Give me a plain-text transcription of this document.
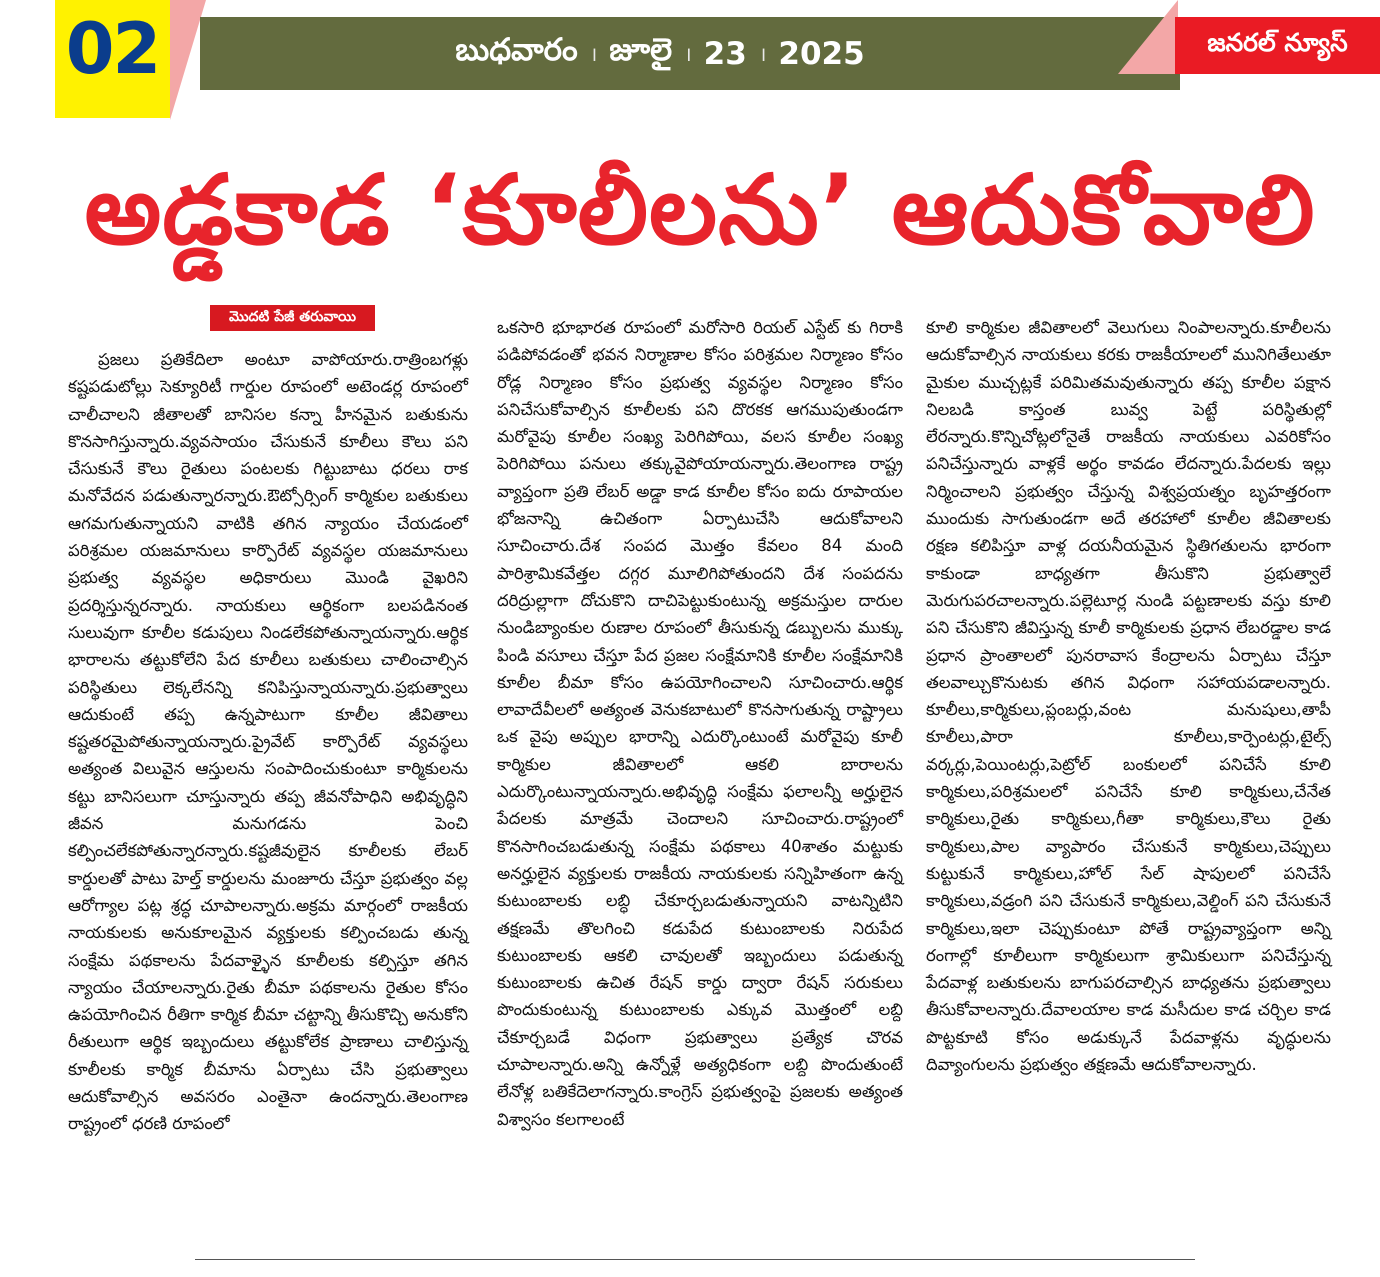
02	బుధవారం । జూలై । 23 । 2025	జనరల్ న్యూస్
అడ్డకాడ ‘కూలీలను’ ఆదుకోవాలి
మొదటి పేజీ తరువాయి

ప్రజలు ప్రతికేదిలా అంటూ వాపోయారు.రాత్రింబగళ్లు కష్టపడుటోల్లు సెక్యూరిటీ గార్డుల రూపంలో అటెండర్ల రూపంలో చాలీచాలని జీతాలతో బానిసల కన్నా హీనమైన బతుకును కొనసాగిస్తున్నారు.వ్యవసాయం చేసుకునే కూలీలు కౌలు పని చేసుకునే కౌలు రైతులు పంటలకు గిట్టుబాటు ధరలు రాక మనోవేదన పడుతున్నారన్నారు.ఔట్సోర్సింగ్ కార్మికుల బతుకులు ఆగమగుతున్నాయని వాటికి తగిన న్యాయం చేయడంలో పరిశ్రమల యజమానులు కార్పొరేట్ వ్యవస్థల యజమానులు ప్రభుత్వ వ్యవస్థల అధికారులు మొండి వైఖరిని ప్రదర్శిస్తున్నరన్నారు. నాయకులు ఆర్థికంగా బలపడినంత సులువుగా కూలీల కడుపులు నిండలేకపోతున్నాయన్నారు.ఆర్థిక భారాలను తట్టుకోలేని పేద కూలీలు బతుకులు చాలించాల్సిన పరిస్థితులు లెక్కలేనన్ని కనిపిస్తున్నాయన్నారు.ప్రభుత్వాలు ఆదుకుంటే తప్ప ఉన్నపాటుగా కూలీల జీవితాలు కష్టతరమైపోతున్నాయన్నారు.ప్రైవేట్ కార్పొరేట్ వ్యవస్థలు అత్యంత విలువైన ఆస్తులను సంపాదించుకుంటూ కార్మికులను కట్టు బానిసలుగా చూస్తున్నారు తప్ప జీవనోపాధిని అభివృద్ధిని జీవన మనుగడను పెంచి కల్పించలేకపోతున్నారన్నారు.కష్టజీవులైన కూలీలకు లేబర్ కార్డులతో పాటు హెల్త్ కార్డులను మంజూరు చేస్తూ ప్రభుత్వం వల్ల ఆరోగ్యాల పట్ల శ్రద్ధ చూపాలన్నారు.అక్రమ మార్గంలో రాజకీయ నాయకులకు అనుకూలమైన వ్యక్తులకు కల్పించబడు తున్న సంక్షేమ పథకాలను పేదవాళ్ళైన కూలీలకు కల్పిస్తూ తగిన న్యాయం చేయాలన్నారు.రైతు బీమా పథకాలను రైతుల కోసం ఉపయోగించిన రీతిగా కార్మిక బీమా చట్టాన్ని తీసుకొచ్చి అనుకోని రీతులుగా ఆర్థిక ఇబ్బందులు తట్టుకోలేక ప్రాణాలు చాలిస్తున్న కూలీలకు కార్మిక బీమాను ఏర్పాటు చేసి ప్రభుత్వాలు ఆదుకోవాల్సిన అవసరం ఎంతైనా ఉందన్నారు.తెలంగాణ రాష్ట్రంలో ధరణి రూపంలో

ఒకసారి భూభారత రూపంలో మరోసారి రియల్ ఎస్టేట్ కు గిరాకి పడిపోవడంతో భవన నిర్మాణాల కోసం పరిశ్రమల నిర్మాణం కోసం రోడ్ల నిర్మాణం కోసం ప్రభుత్వ వ్యవస్థల నిర్మాణం కోసం పనిచేసుకోవాల్సిన కూలీలకు పని దొరకక ఆగముపుతుండగా మరోవైపు కూలీల సంఖ్య పెరిగిపోయి, వలస కూలీల సంఖ్య పెరిగిపోయి పనులు తక్కువైపోయాయన్నారు.తెలంగాణ రాష్ట్ర వ్యాప్తంగా ప్రతి లేబర్ అడ్డా కాడ కూలీల కోసం ఐదు రూపాయల భోజనాన్ని ఉచితంగా ఏర్పాటుచేసి ఆదుకోవాలని సూచించారు.దేశ సంపద మొత్తం కేవలం 84 మంది పారిశ్రామికవేత్తల దగ్గర మూలిగిపోతుందని దేశ సంపదను దరిద్రుల్లాగా దోచుకొని దాచిపెట్టుకుంటున్న అక్రమస్తుల దారుల నుండిబ్యాంకుల రుణాల రూపంలో తీసుకున్న డబ్బులను ముక్కు పిండి వసూలు చేస్తూ పేద ప్రజల సంక్షేమానికి కూలీల సంక్షేమానికి కూలీల బీమా కోసం ఉపయోగించాలని సూచించారు.ఆర్థిక లావాదేవీలలో అత్యంత వెనుకబాటులో కొనసాగుతున్న రాష్ట్రాలు ఒక వైపు అప్పుల భారాన్ని ఎదుర్కొంటుంటే మరోవైపు కూలీ కార్మికుల జీవితాలలో ఆకలి బారాలను ఎదుర్కొంటున్నాయన్నారు.అభివృద్ధి సంక్షేమ ఫలాలన్నీ అర్హులైన పేదలకు మాత్రమే చెందాలని సూచించారు.రాష్ట్రంలో కొనసాగించబడుతున్న సంక్షేమ పథకాలు 40శాతం మట్టుకు అనర్హులైన వ్యక్తులకు రాజకీయ నాయకులకు సన్నిహితంగా ఉన్న కుటుంబాలకు లబ్ధి చేకూర్చబడుతున్నాయని వాటన్నిటిని తక్షణమే తొలగించి కడుపేద కుటుంబాలకు నిరుపేద కుటుంబాలకు ఆకలి చావులతో ఇబ్బందులు పడుతున్న కుటుంబాలకు ఉచిత రేషన్ కార్డు ద్వారా రేషన్ సరుకులు పొందుకుంటున్న కుటుంబాలకు ఎక్కువ మొత్తంలో లబ్ది చేకూర్చబడే విధంగా ప్రభుత్వాలు ప్రత్యేక చొరవ చూపాలన్నారు.అన్ని ఉన్నోళ్లే అత్యధికంగా లబ్ది పొందుతుంటే లేనోళ్ల బతికేదెలాగన్నారు.కాంగ్రెస్ ప్రభుత్వంపై ప్రజలకు అత్యంత విశ్వాసం కలగాలంటే

కూలి కార్మికుల జీవితాలలో వెలుగులు నింపాలన్నారు.కూలీలను ఆదుకోవాల్సిన నాయకులు కరకు రాజకీయాలలో మునిగితేలుతూ మైకుల ముచ్చట్లకే పరిమితమవుతున్నారు తప్ప కూలీల పక్షాన నిలబడి కాస్తంత బువ్వ పెట్టే పరిస్థితుల్లో లేరన్నారు.కొన్నిచోట్లలోనైతే రాజకీయ నాయకులు ఎవరికోసం పనిచేస్తున్నారు వాళ్లకే అర్థం కావడం లేదన్నారు.పేదలకు ఇల్లు నిర్మించాలని ప్రభుత్వం చేస్తున్న విశ్వప్రయత్నం బృహత్తరంగా ముందుకు సాగుతుండగా అదే తరహాలో కూలీల జీవితాలకు రక్షణ కలిపిస్తూ వాళ్ల దయనీయమైన స్థితిగతులను భారంగా కాకుండా బాధ్యతగా తీసుకొని ప్రభుత్వాలే మెరుగుపరచాలన్నారు.పల్లెటూర్ల నుండి పట్టణాలకు వస్తు కూలి పని చేసుకొని జీవిస్తున్న కూలీ కార్మికులకు ప్రధాన లేబరడ్డాల కాడ ప్రధాన ప్రాంతాలలో పునరావాస కేంద్రాలను ఏర్పాటు చేస్తూ తలవాల్చుకొనుటకు తగిన విధంగా సహాయపడాలన్నారు. కూలీలు,కార్మికులు,ప్లంబర్లు,వంట మనుషులు,తాపీ కూలీలు,పారా కూలీలు,కార్పెంటర్లు,టైల్స్ వర్కర్లు,పెయింటర్లు,పెట్రోల్ బంకులలో పనిచేసే కూలి కార్మికులు,పరిశ్రమలలో పనిచేసే కూలి కార్మికులు,చేనేత కార్మికులు,రైతు కార్మికులు,గీతా కార్మికులు,కౌలు రైతు కార్మికులు,పాల వ్యాపారం చేసుకునే కార్మికులు,చెప్పులు కుట్టుకునే కార్మికులు,హోల్ సేల్ షాపులలో పనిచేసే కార్మికులు,వడ్రంగి పని చేసుకునే కార్మికులు,వెల్డింగ్ పని చేసుకునే కార్మికులు,ఇలా చెప్పుకుంటూ పోతే రాష్ట్రవ్యాప్తంగా అన్ని రంగాల్లో కూలీలుగా కార్మికులుగా శ్రామికులుగా పనిచేస్తున్న పేదవాళ్ల బతుకులను బాగుపరచాల్సిన బాధ్యతను ప్రభుత్వాలు తీసుకోవాలన్నారు.దేవాలయాల కాడ మసీదుల కాడ చర్చిల కాడ పొట్టకూటి కోసం అడుక్కునే పేదవాళ్లను వృద్ధులను దివ్యాంగులను ప్రభుత్వం తక్షణమే ఆదుకోవాలన్నారు.
